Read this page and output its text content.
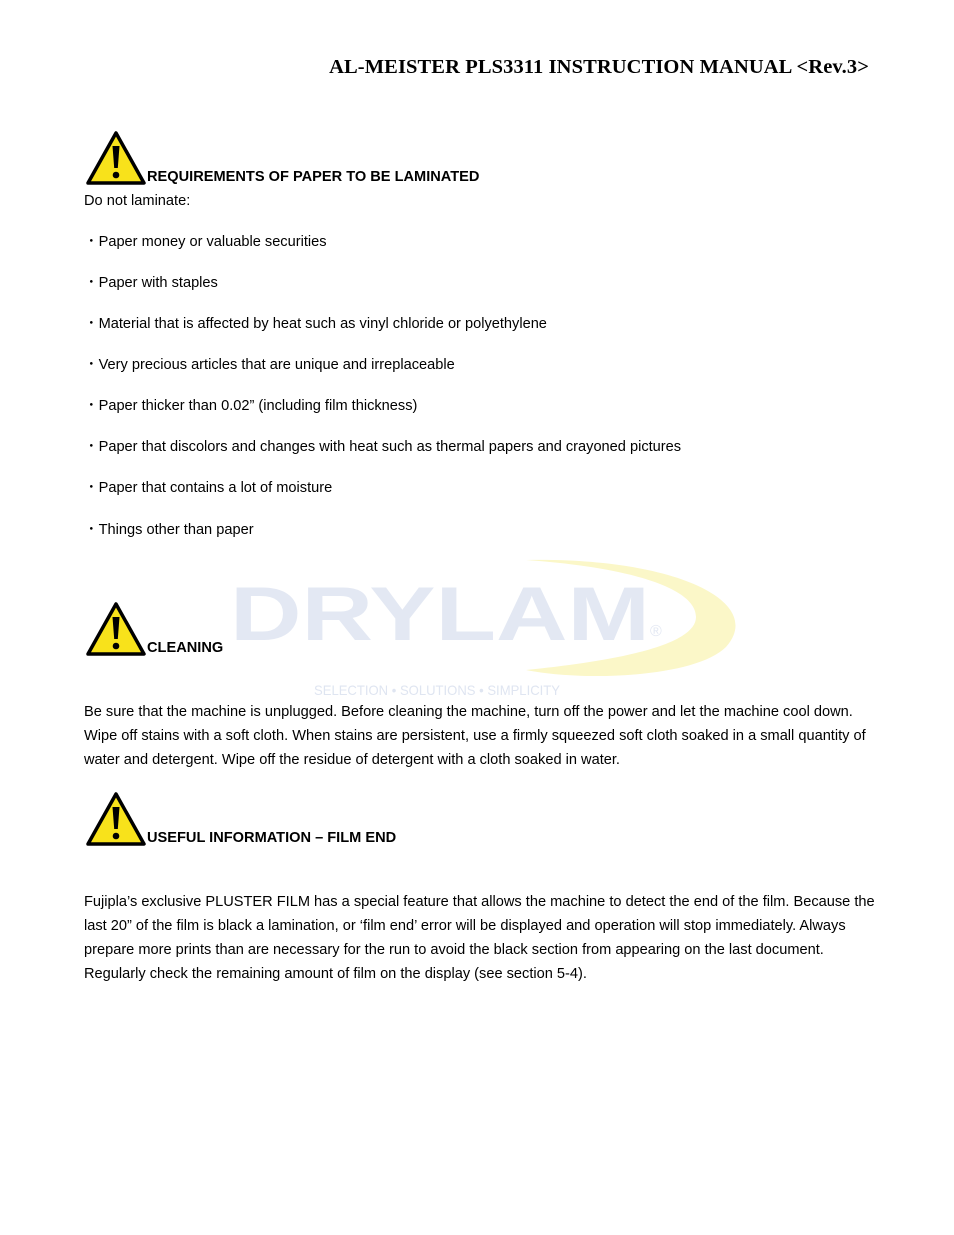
AL-MEISTER PLS3311 INSTRUCTION MANUAL <Rev.3>
DRYLAM ®
SELECTION • SOLUTIONS • SIMPLICITY
REQUIREMENTS OF PAPER TO BE LAMINATED
Do not laminate:
・Paper money or valuable securities
・Paper with staples
・Material that is affected by heat such as vinyl chloride or polyethylene
・Very precious articles that are unique and irreplaceable
・Paper thicker than 0.02” (including film thickness)
・Paper that discolors and changes with heat such as thermal papers and crayoned pictures
・Paper that contains a lot of moisture
・Things other than paper
CLEANING
Be sure that the machine is unplugged. Before cleaning the machine, turn off the power and let the machine cool down. Wipe off stains with a soft cloth. When stains are persistent, use a firmly squeezed soft cloth soaked in a small quantity of water and detergent. Wipe off the residue of detergent with a cloth soaked in water.
USEFUL INFORMATION – FILM END
Fujipla’s exclusive PLUSTER FILM has a special feature that allows the machine to detect the end of the film. Because the last 20” of the film is black a lamination, or ‘film end’ error will be displayed and operation will stop immediately. Always prepare more prints than are necessary for the run to avoid the black section from appearing on the last document. Regularly check the remaining amount of film on the display (see section 5-4).
